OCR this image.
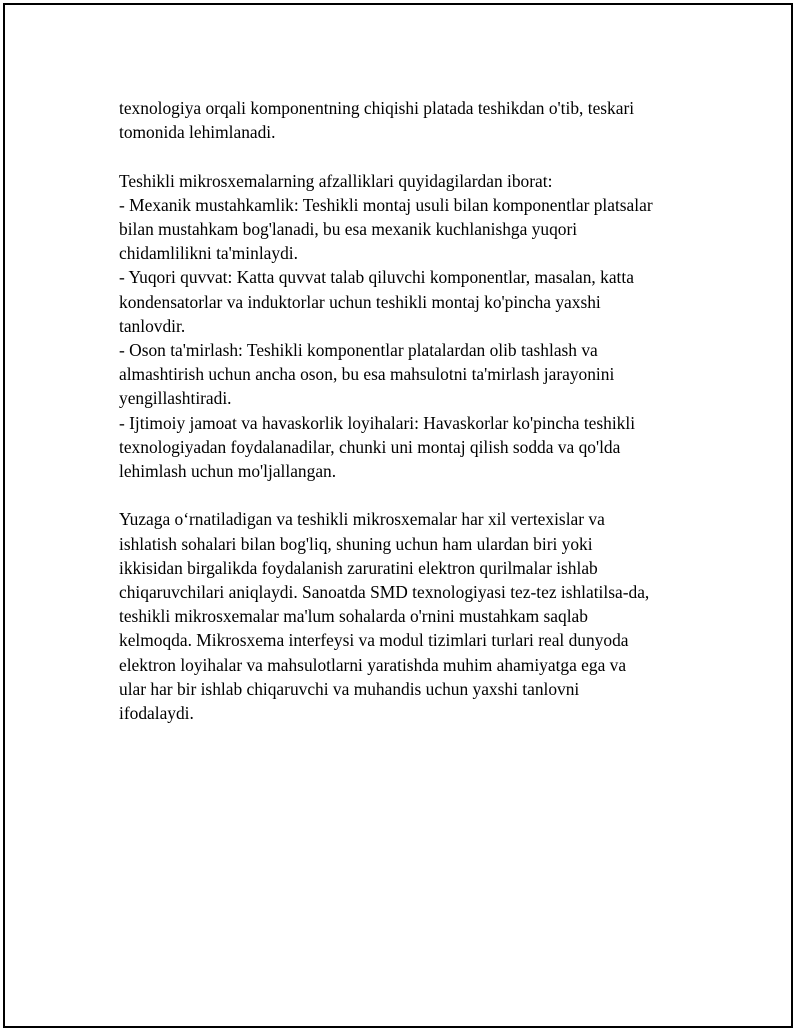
texnologiya orqali komponentning chiqishi platada teshikdan o'tib, teskari
tomonida lehimlanadi.
Teshikli mikrosxemalarning afzalliklari quyidagilardan iborat:
- Mexanik mustahkamlik: Teshikli montaj usuli bilan komponentlar platsalar
bilan mustahkam bog'lanadi, bu esa mexanik kuchlanishga yuqori
chidamlilikni ta'minlaydi.
- Yuqori quvvat: Katta quvvat talab qiluvchi komponentlar, masalan, katta
kondensatorlar va induktorlar uchun teshikli montaj ko'pincha yaxshi
tanlovdir.
- Oson ta'mirlash: Teshikli komponentlar platalardan olib tashlash va
almashtirish uchun ancha oson, bu esa mahsulotni ta'mirlash jarayonini
yengillashtiradi.
- Ijtimoiy jamoat va havaskorlik loyihalari: Havaskorlar ko'pincha teshikli
texnologiyadan foydalanadilar, chunki uni montaj qilish sodda va qo'lda
lehimlash uchun mo'ljallangan.
Yuzaga o‘rnatiladigan va teshikli mikrosxemalar har xil vertexislar va
ishlatish sohalari bilan bog'liq, shuning uchun ham ulardan biri yoki
ikkisidan birgalikda foydalanish zaruratini elektron qurilmalar ishlab
chiqaruvchilari aniqlaydi. Sanoatda SMD texnologiyasi tez-tez ishlatilsa-da,
teshikli mikrosxemalar ma'lum sohalarda o'rnini mustahkam saqlab
kelmoqda. Mikrosxema interfeysi va modul tizimlari turlari real dunyoda
elektron loyihalar va mahsulotlarni yaratishda muhim ahamiyatga ega va
ular har bir ishlab chiqaruvchi va muhandis uchun yaxshi tanlovni
ifodalaydi.
